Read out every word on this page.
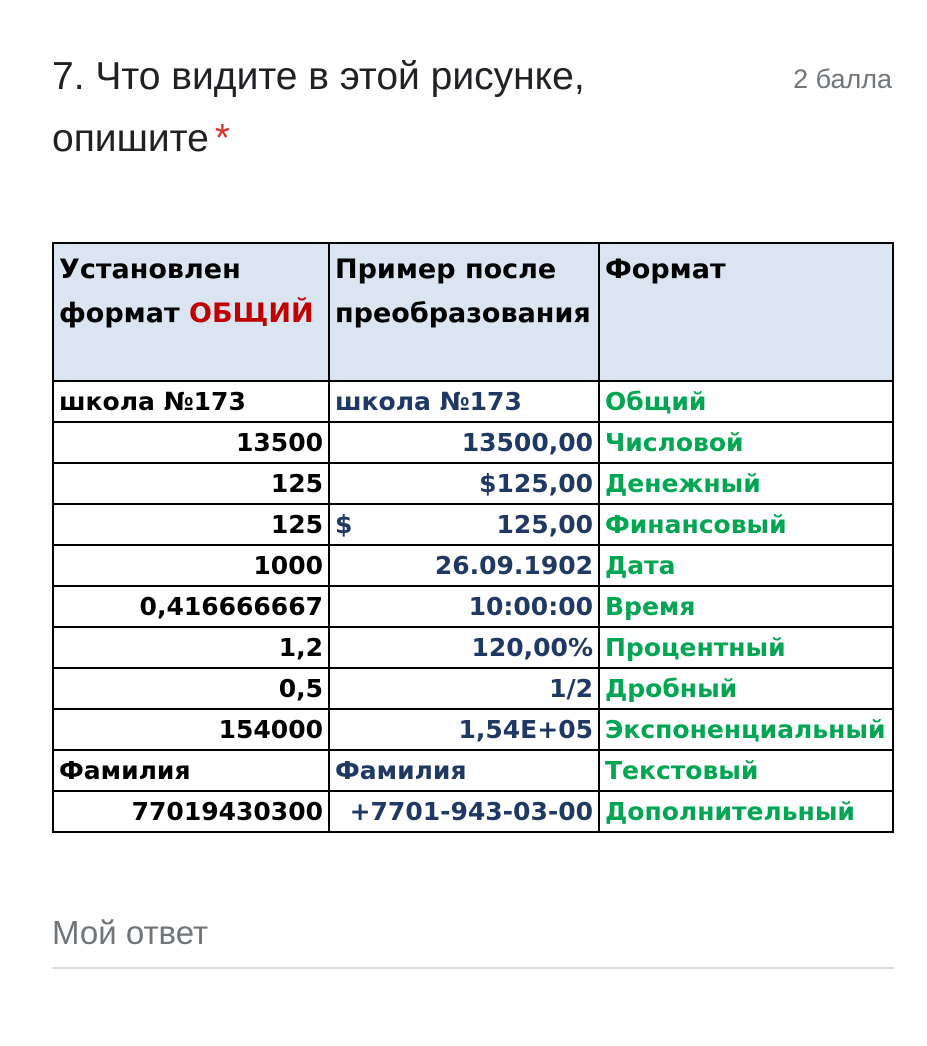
7. Что видите в этой рисунке, опишите *
2 балла
Установлен формат ОБЩИЙ	Пример после преобразования	Формат
школа №173	школа №173	Общий
13500	13500,00	Числовой
125	$125,00	Денежный
125	$ 125,00	Финансовый
1000	26.09.1902	Дата
0,416666667	10:00:00	Время
1,2	120,00%	Процентный
0,5	1/2	Дробный
154000	1,54E+05	Экспоненциальный
Фамилия	Фамилия	Текстовый
77019430300	+7701-943-03-00	Дополнительный
Мой ответ
